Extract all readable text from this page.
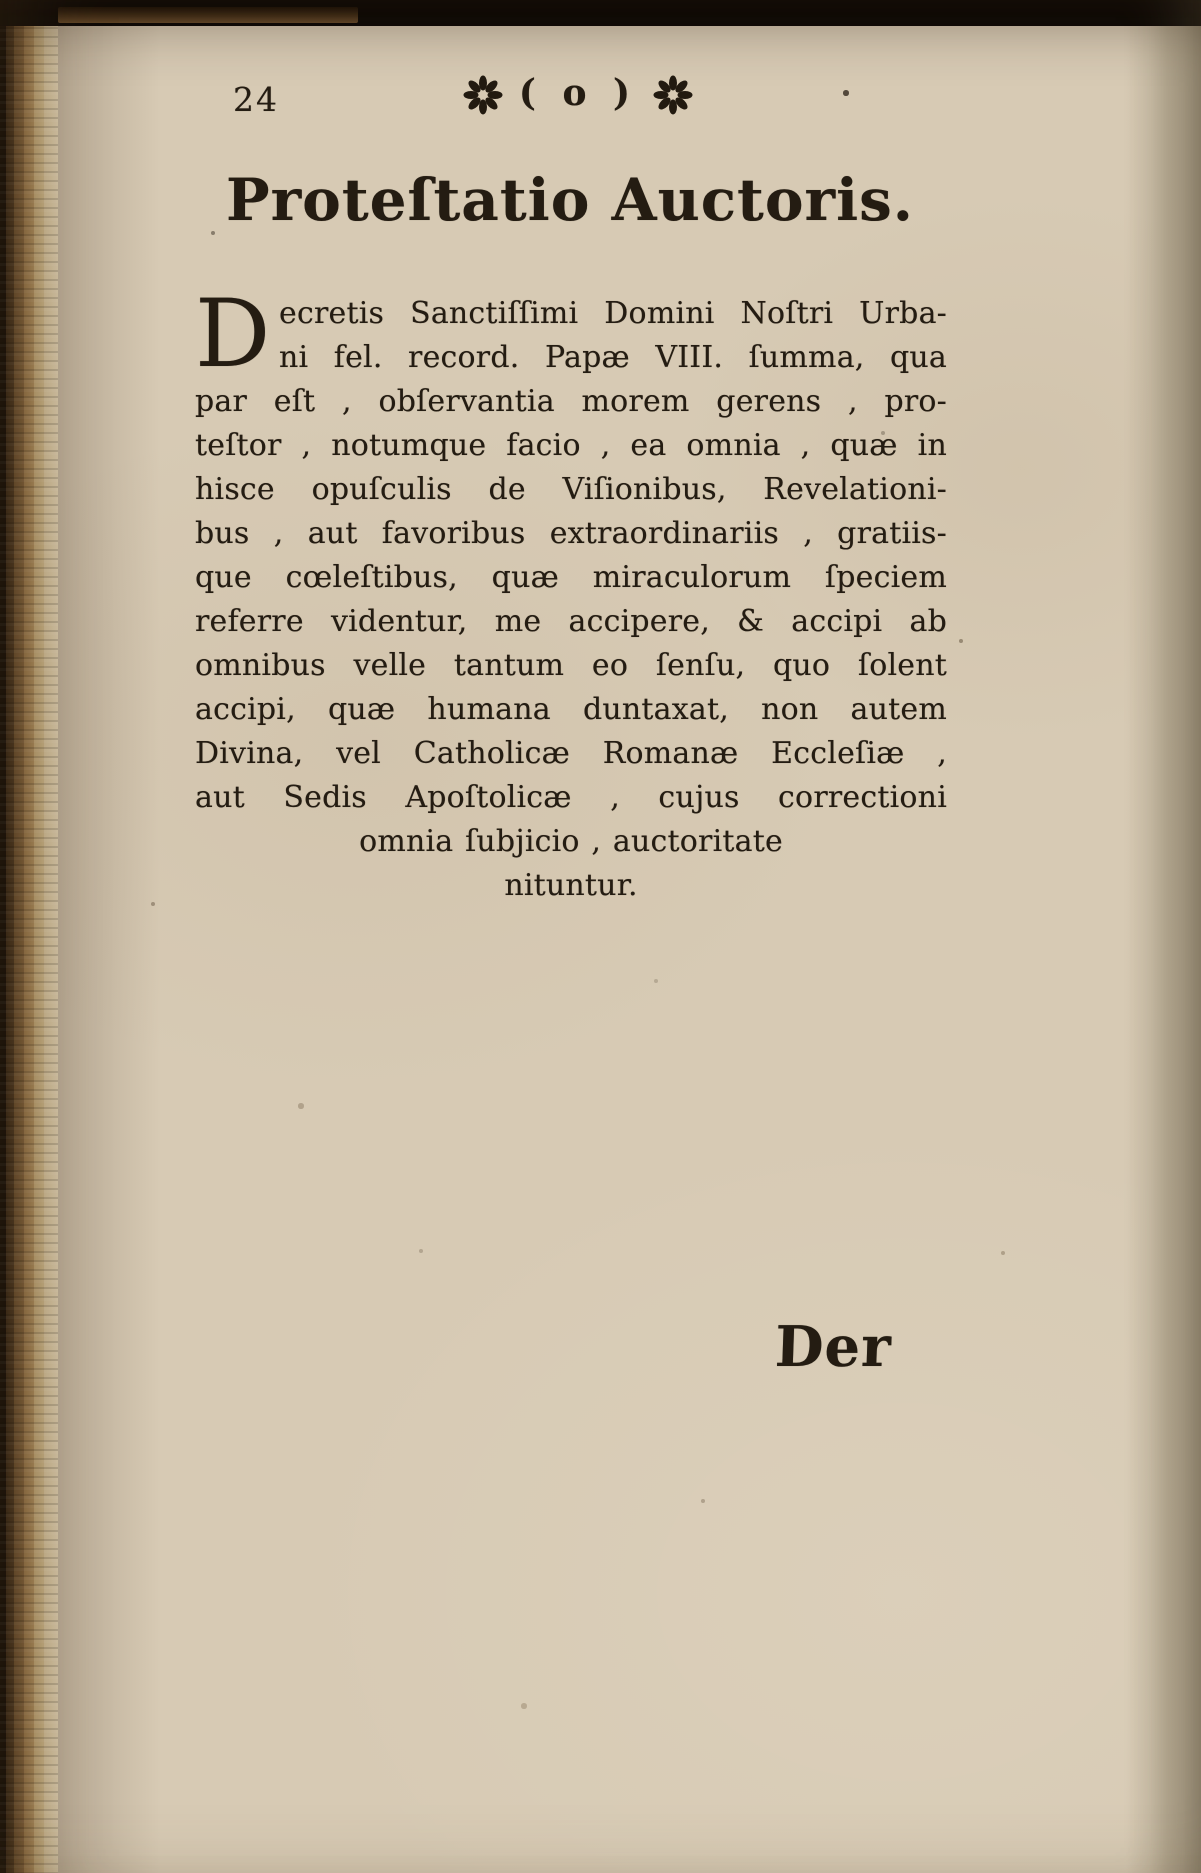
24	( o )
Proteſtatio Auctoris.
D ecretis Sanctiſſimi Domini Noſtri Urba-
ni fel. record. Papæ VIII. ſumma, qua
par eſt , obſervantia morem gerens , pro-
teſtor , notumque facio , ea omnia , quæ in
hisce opuſculis de Viſionibus, Revelationi-
bus , aut favoribus extraordinariis , gratiis-
que cœleſtibus, quæ miraculorum ſpeciem
referre videntur, me accipere, & accipi ab
omnibus velle tantum eo ſenſu, quo ſolent
accipi, quæ humana duntaxat, non autem
Divina, vel Catholicæ Romanæ Eccleſiæ ,
aut Sedis Apoſtolicæ , cujus correctioni
omnia ſubjicio , auctoritate
nituntur.
Der
